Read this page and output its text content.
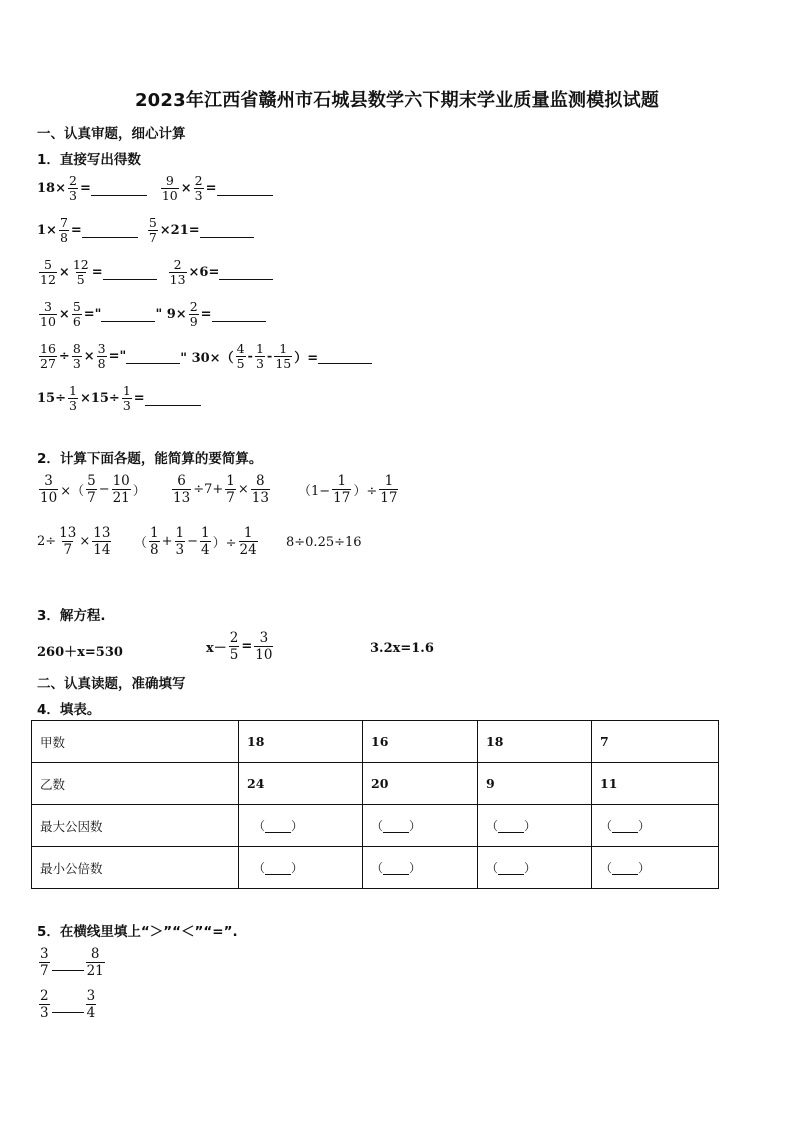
2023年江西省赣州市石城县数学六下期末学业质量监测模拟试题
一、认真审题，细心计算
1．直接写出得数
$18\times \frac{2}{3}$ =	$\frac{9}{10} \times \frac{2}{3}$ =
$1\times \frac{7}{8}$ =	$\frac{5}{7} \times 21=$
$\frac{5}{12} \times \frac{12}{5}$ =	$\frac{2}{13} \times 6=$
$\frac{3}{10} \times \frac{5}{6}$ ="	" $9\times \frac{2}{9}$ =
$\frac{16}{27} \div \frac{8}{3} \times \frac{3}{8}$ ="	" $30\times( \frac{4}{5} - \frac{1}{3} - \frac{1}{15}$ ）=
$15\div \frac{1}{3} \times 15\div \frac{1}{3}$ =
2．计算下面各题，能简算的要简算。
$\frac{3}{10}$ ×（ $\frac{5}{7} - \frac{10}{21}$ ） $\frac{6}{13} \div 7+ \frac{1}{7} \times \frac{8}{13} (1- \frac{1}{17}$ ）÷ $\frac{1}{17}$
$2\div \frac{13}{7} \times \frac{13}{14}$ （ $\frac{1}{8} + \frac{1}{3} - \frac{1}{4}$ ）÷ $\frac{1}{24} 8\div 0.25\div 16$
3．解方程.
260＋x=530	$x- \frac{2}{5} = \frac{3}{10}$	3.2x=1.6
二、认真读题，准确填写
4．填表。
甲数	18	16	18	7
乙数	24	20	9	11
最大公因数	（ ）	（ ）	（ ）	（ ）
最小公倍数	（ ）	（ ）	（ ）	（ ）
5．在横线里填上“＞”“＜”“=”.
$\frac{3}{7}$	$\frac{8}{21}$
$\frac{2}{3}$	$\frac{3}{4}$
